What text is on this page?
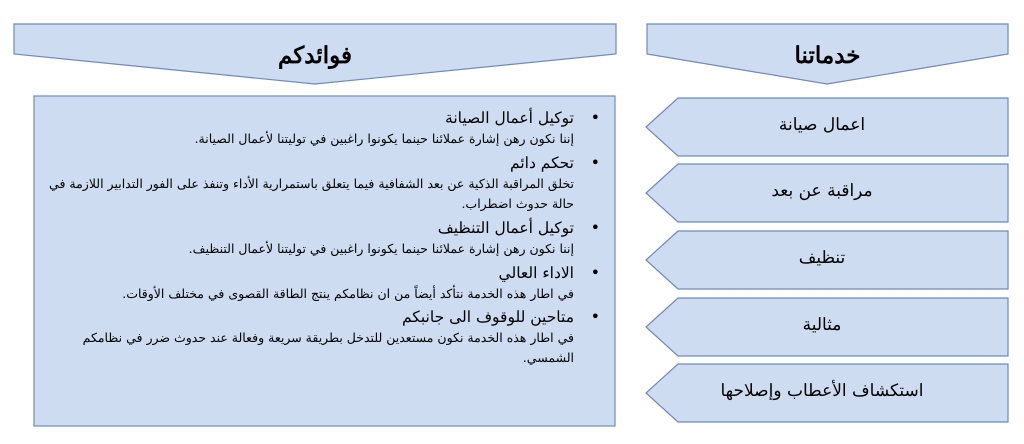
فوائدكم	خدماتنا
اعمال صيانة
مراقبة عن بعد
تنظيف
مثالية
استكشاف الأعطاب وإصلاحها
•
توكيل أعمال الصيانة
إننا نكون رهن إشارة عملائنا حينما يكونوا راغبين في توليتنا لأعمال الصيانة.
•
تحكم دائم
تخلق المراقبة الذكية عن بعد الشفافية فيما يتعلق باستمرارية الأداء وتنفذ على الفور التدابير اللازمة في حالة حدوث اضطراب.
•
توكيل أعمال التنظيف
إننا نكون رهن إشارة عملائنا حينما يكونوا راغبين في توليتنا لأعمال التنظيف.
•
الاداء العالي
في اطار هذه الخدمة نتأكد أيضاً من ان نظامكم ينتج الطاقة القصوى في مختلف الأوقات.
•
متاحين للوقوف الى جانبكم
في اطار هذه الخدمة نكون مستعدين للتدخل بطريقة سريعة وفعالة عند حدوث ضرر في نظامكم الشمسي.
